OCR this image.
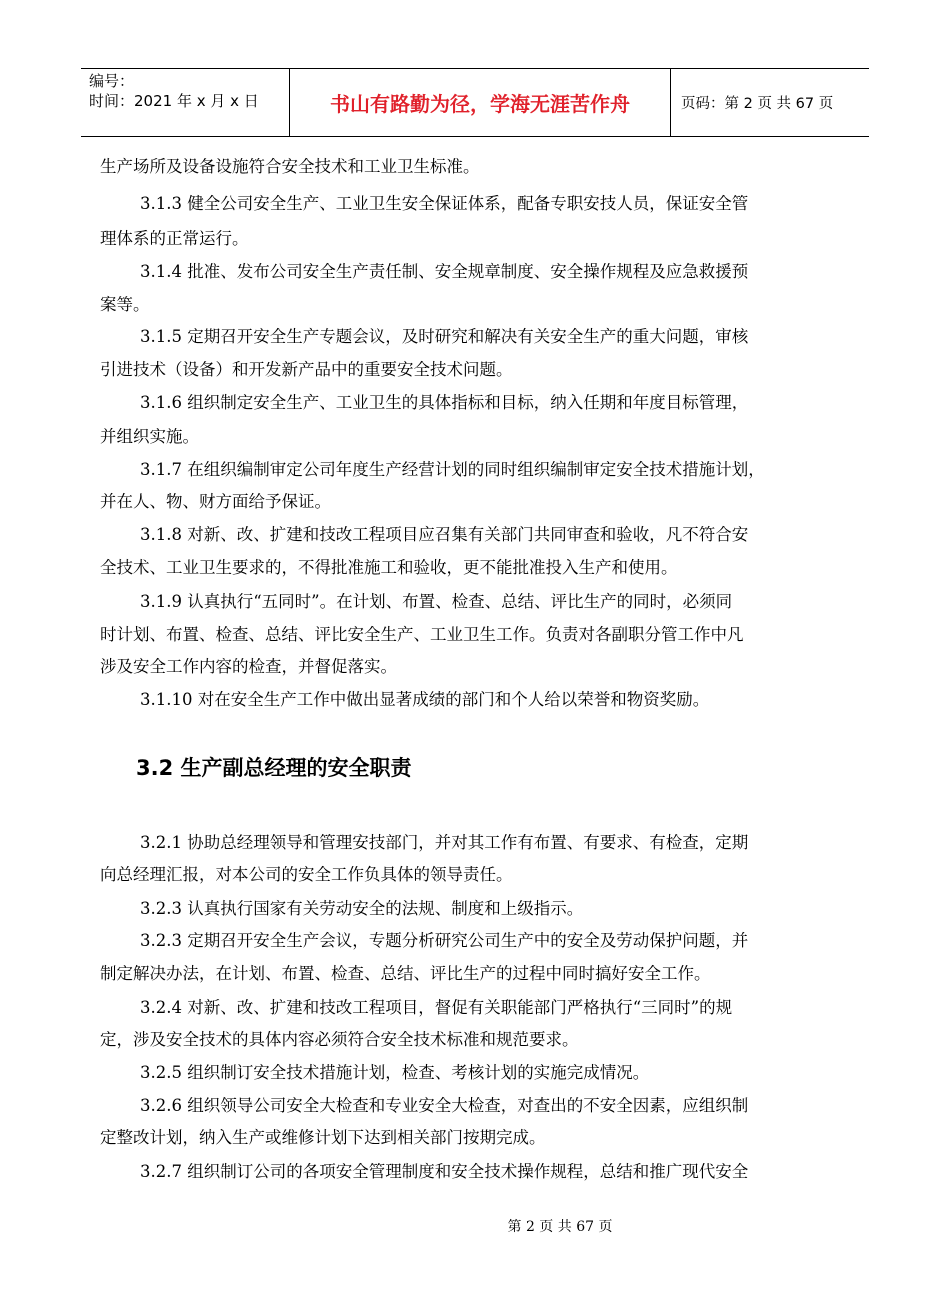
编号：
时间：2021 年 x 月 x 日	书山有路勤为径，学海无涯苦作舟	页码：第 2 页 共 67 页
生产场所及设备设施符合安全技术和工业卫生标准。
3.1.3 健全公司安全生产、工业卫生安全保证体系，配备专职安技人员，保证安全管
理体系的正常运行。
3.1.4 批准、发布公司安全生产责任制、安全规章制度、安全操作规程及应急救援预
案等。
3.1.5 定期召开安全生产专题会议，及时研究和解决有关安全生产的重大问题，审核
引进技术（设备）和开发新产品中的重要安全技术问题。
3.1.6 组织制定安全生产、工业卫生的具体指标和目标，纳入任期和年度目标管理，
并组织实施。
3.1.7 在组织编制审定公司年度生产经营计划的同时组织编制审定安全技术措施计划，
并在人、物、财方面给予保证。
3.1.8 对新、改、扩建和技改工程项目应召集有关部门共同审查和验收，凡不符合安
全技术、工业卫生要求的，不得批准施工和验收，更不能批准投入生产和使用。
3.1.9 认真执行“五同时”。在计划、布置、检查、总结、评比生产的同时，必须同
时计划、布置、检查、总结、评比安全生产、工业卫生工作。负责对各副职分管工作中凡
涉及安全工作内容的检查，并督促落实。
3.1.10 对在安全生产工作中做出显著成绩的部门和个人给以荣誉和物资奖励。
3.2 生产副总经理的安全职责
3.2.1 协助总经理领导和管理安技部门，并对其工作有布置、有要求、有检查，定期
向总经理汇报，对本公司的安全工作负具体的领导责任。
3.2.3 认真执行国家有关劳动安全的法规、制度和上级指示。
3.2.3 定期召开安全生产会议，专题分析研究公司生产中的安全及劳动保护问题，并
制定解决办法，在计划、布置、检查、总结、评比生产的过程中同时搞好安全工作。
3.2.4 对新、改、扩建和技改工程项目，督促有关职能部门严格执行“三同时”的规
定，涉及安全技术的具体内容必须符合安全技术标准和规范要求。
3.2.5 组织制订安全技术措施计划，检查、考核计划的实施完成情况。
3.2.6 组织领导公司安全大检查和专业安全大检查，对查出的不安全因素，应组织制
定整改计划，纳入生产或维修计划下达到相关部门按期完成。
3.2.7 组织制订公司的各项安全管理制度和安全技术操作规程，总结和推广现代安全
第 2 页 共 67 页
